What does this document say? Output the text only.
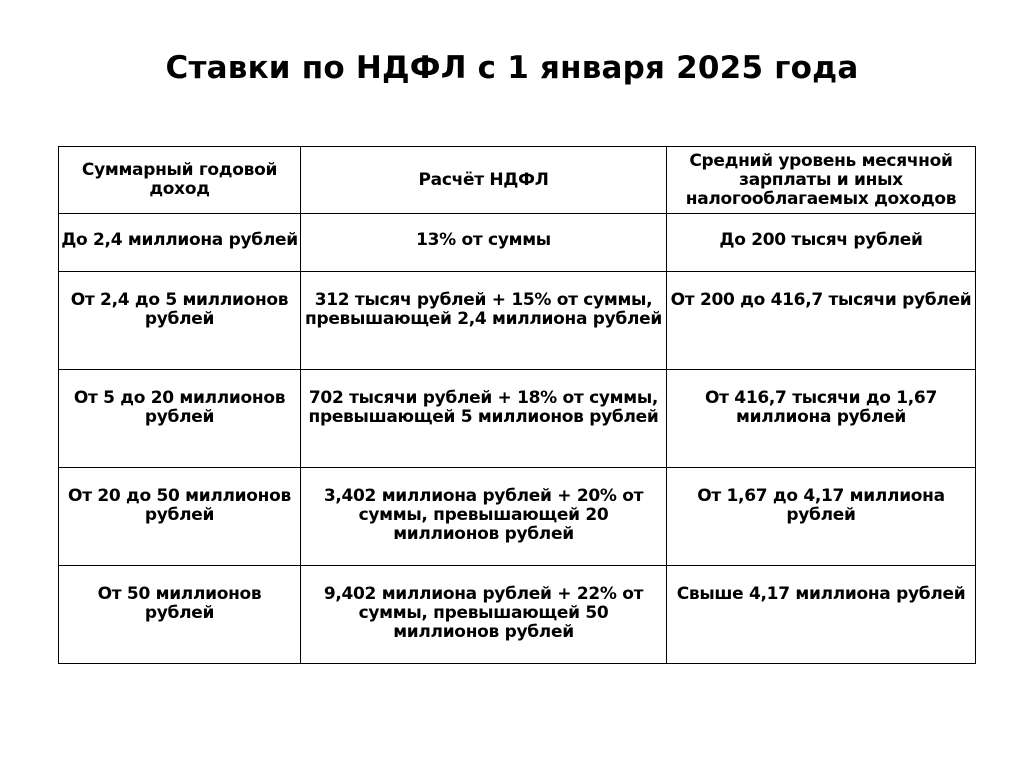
Ставки по НДФЛ с 1 января 2025 года
Суммарный годовой доход	Расчёт НДФЛ	Средний уровень месячной зарплаты и иных налогооблагаемых доходов
До 2,4 миллиона рублей	13% от суммы	До 200 тысяч рублей
От 2,4 до 5 миллионов рублей	312 тысяч рублей + 15% от суммы, превышающей 2,4 миллиона рублей	От 200 до 416,7 тысячи рублей
От 5 до 20 миллионов рублей	702 тысячи рублей + 18% от суммы, превышающей 5 миллионов рублей	От 416,7 тысячи до 1,67 миллиона рублей
От 20 до 50 миллионов рублей	3,402 миллиона рублей + 20% от суммы, превышающей 20 миллионов рублей	От 1,67 до 4,17 миллиона рублей
От 50 миллионов рублей	9,402 миллиона рублей + 22% от суммы, превышающей 50 миллионов рублей	Свыше 4,17 миллиона рублей
